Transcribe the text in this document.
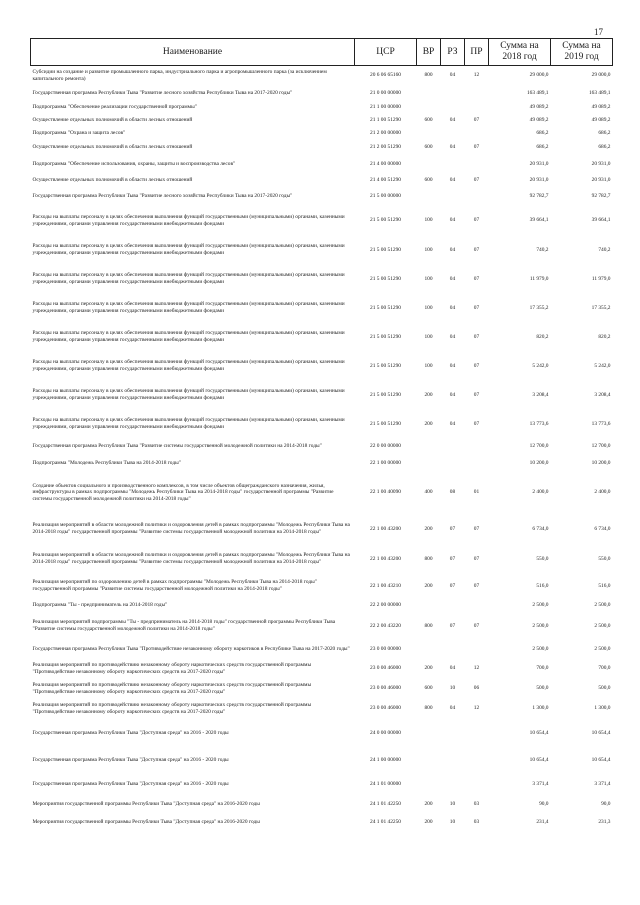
17
Наименование	ЦСР	ВР	РЗ	ПР	Сумма на 2018 год	Сумма на 2019 год
Субсидии на создание и развитие промышленного парка, индустриального парка и агропромышленного парка (за исключением капитального ремонта)	20 6 06 65160	800	04	12	29 000,0	29 000,0
Государственная программа Республики Тыва "Развитие лесного хозяйства Республики Тыва на 2017-2020 годы"	21 0 00 00000				163 489,1	163 489,1
Подпрограмма "Обеспечение реализации государственной программы"	21 1 00 00000				49 089,2	49 089,2
Осуществление отдельных полномочий в области лесных отношений	21 1 00 51290	600	04	07	49 089,2	49 089,2
Подпрограмма "Охрана и защита лесов"	21 2 00 00000				686,2	686,2
Осуществление отдельных полномочий в области лесных отношений	21 2 00 51290	600	04	07	686,2	686,2
Подпрограмма "Обеспечение использования, охраны, защиты и воспроизводства лесов"	21 4 00 00000				20 931,0	20 931,0
Осуществление отдельных полномочий в области лесных отношений	21 4 00 51290	600	04	07	20 931,0	20 931,0
Государственная программа Республики Тыва "Развитие лесного хозяйства Республики Тыва на 2017-2020 годы"	21 5 00 00000				92 782,7	92 782,7
Расходы на выплаты персоналу в целях обеспечения выполнения функций государственными (муниципальными) органами, казенными учреждениями, органами управления государственными внебюджетными фондами	21 5 00 51290	100	04	07	39 664,1	39 664,1
Расходы на выплаты персоналу в целях обеспечения выполнения функций государственными (муниципальными) органами, казенными учреждениями, органами управления государственными внебюджетными фондами	21 5 00 51290	100	04	07	740,2	740,2
Расходы на выплаты персоналу в целях обеспечения выполнения функций государственными (муниципальными) органами, казенными учреждениями, органами управления государственными внебюджетными фондами	21 5 00 51290	100	04	07	11 979,0	11 979,0
Расходы на выплаты персоналу в целях обеспечения выполнения функций государственными (муниципальными) органами, казенными учреждениями, органами управления государственными внебюджетными фондами	21 5 00 51290	100	04	07	17 355,2	17 355,2
Расходы на выплаты персоналу в целях обеспечения выполнения функций государственными (муниципальными) органами, казенными учреждениями, органами управления государственными внебюджетными фондами	21 5 00 51290	100	04	07	820,2	820,2
Расходы на выплаты персоналу в целях обеспечения выполнения функций государственными (муниципальными) органами, казенными учреждениями, органами управления государственными внебюджетными фондами	21 5 00 51290	100	04	07	5 242,0	5 242,0
Расходы на выплаты персоналу в целях обеспечения выполнения функций государственными (муниципальными) органами, казенными учреждениями, органами управления государственными внебюджетными фондами	21 5 00 51290	200	04	07	3 208,4	3 208,4
Расходы на выплаты персоналу в целях обеспечения выполнения функций государственными (муниципальными) органами, казенными учреждениями, органами управления государственными внебюджетными фондами	21 5 00 51290	200	04	07	13 773,6	13 773,6
Государственная программа Республики Тыва "Развитие системы государственной молодежной политики на 2014-2018 годы"	22 0 00 00000				12 700,0	12 700,0
Подпрограмма "Молодежь Республики Тыва на 2014-2018 годы"	22 1 00 00000				10 200,0	10 200,0
Создание объектов социального и производственного комплексов, в том числе объектов общегражданского назначения, жилья, инфраструктуры в рамках подпрограммы "Молодежь Республики Тыва на 2014-2018 годы" государственной программы "Развитие системы государственной молодежной политики на 2014-2018 годы"	22 1 00 40090	400	08	01	2 400,0	2 400,0
Реализация мероприятий в области молодежной политики и оздоровления детей в рамках подпрограммы "Молодежь Республики Тыва на 2014-2018 годы" государственной программы "Развитие системы государственной молодежной политики на 2014-2018 годы"	22 1 00 43200	200	07	07	6 734,0	6 734,0
Реализация мероприятий в области молодежной политики и оздоровления детей в рамках подпрограммы "Молодежь Республики Тыва на 2014-2018 годы" государственной программы "Развитие системы государственной молодежной политики на 2014-2018 годы"	22 1 00 43200	800	07	07	550,0	550,0
Реализация мероприятий по оздоровлению детей в рамках подпрограммы "Молодежь Республики Тыва на 2014-2018 годы" государственной программы "Развитие системы государственной молодежной политики на 2014-2018 годы"	22 1 00 43210	200	07	07	516,0	516,0
Подпрограмма "Ты - предприниматель на 2014-2018 годы"	22 2 00 00000				2 500,0	2 500,0
Реализация мероприятий подпрограммы "Ты - предприниматель на 2014-2018 годы" государственной программы Республики Тыва "Развитие системы государственной молодежной политики на 2014-2018 годы"	22 2 00 43220	800	07	07	2 500,0	2 500,0
Государственная программа Республики Тыва "Противодействие незаконному обороту наркотиков в Республике Тыва на 2017-2020 годы"	23 0 00 00000				2 500,0	2 500,0
Реализация мероприятий по противодействию незаконному обороту наркотических средств государственной программы "Противодействие незаконному обороту наркотических средств на 2017-2020 годы"	23 0 00 46000	200	04	12	700,0	700,0
Реализация мероприятий по противодействию незаконному обороту наркотических средств государственной программы "Противодействие незаконному обороту наркотических средств на 2017-2020 годы"	23 0 00 46000	600	10	06	500,0	500,0
Реализация мероприятий по противодействию незаконному обороту наркотических средств государственной программы "Противодействие незаконному обороту наркотических средств на 2017-2020 годы"	23 0 00 46000	800	04	12	1 300,0	1 300,0
Государственная программа Республики Тыва "Доступная среда" на 2016 - 2020 годы	24 0 00 00000				10 654,4	10 654,4
Государственная программа Республики Тыва "Доступная среда" на 2016 - 2020 годы	24 1 00 00000				10 654,4	10 654,4
Государственная программа Республики Тыва "Доступная среда" на 2016 - 2020 годы	24 1 01 00000				3 371,4	3 371,4
Мероприятия государственной программы Республики Тыва "Доступная среда" на 2016-2020 годы	24 1 01 42250	200	10	03	90,0	90,0
Мероприятия государственной программы Республики Тыва "Доступная среда" на 2016-2020 годы	24 1 01 42250	200	10	03	231,4	231,3
